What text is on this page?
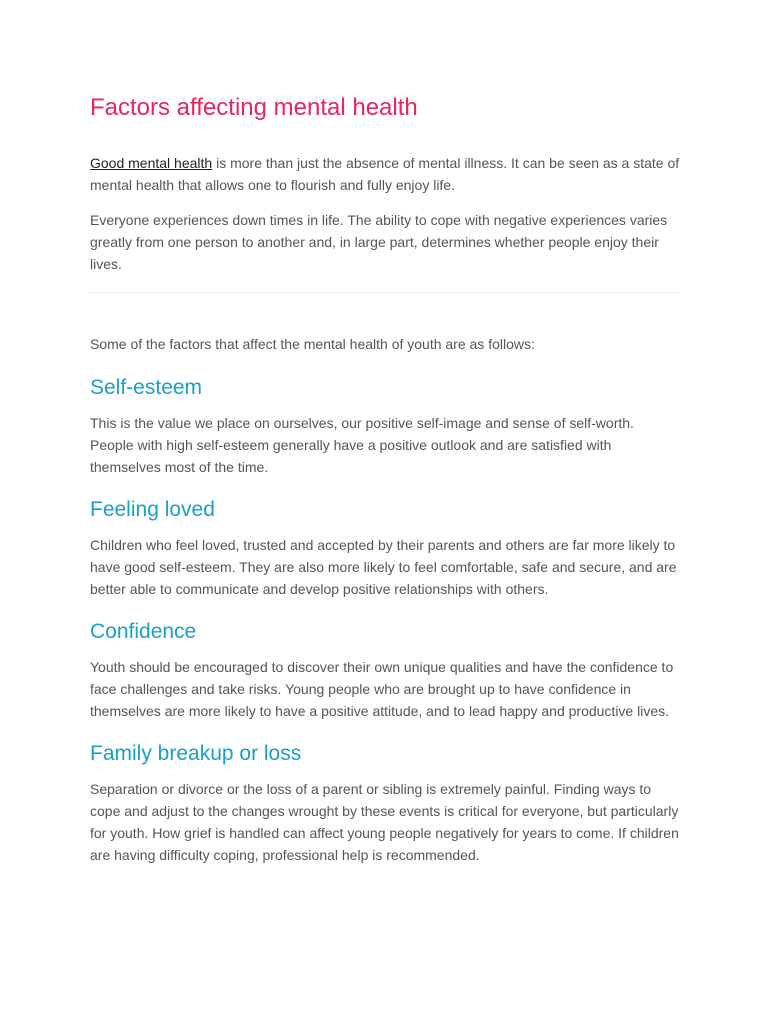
Factors affecting mental health

Good mental health is more than just the absence of mental illness. It can be seen as a state of mental health that allows one to flourish and fully enjoy life.

Everyone experiences down times in life. The ability to cope with negative experiences varies greatly from one person to another and, in large part, determines whether people enjoy their lives.

Some of the factors that affect the mental health of youth are as follows:

Self-esteem

This is the value we place on ourselves, our positive self-image and sense of self-worth. People with high self-esteem generally have a positive outlook and are satisfied with themselves most of the time.

Feeling loved

Children who feel loved, trusted and accepted by their parents and others are far more likely to have good self-esteem. They are also more likely to feel comfortable, safe and secure, and are better able to communicate and develop positive relationships with others.

Confidence

Youth should be encouraged to discover their own unique qualities and have the confidence to face challenges and take risks. Young people who are brought up to have confidence in themselves are more likely to have a positive attitude, and to lead happy and productive lives.

Family breakup or loss

Separation or divorce or the loss of a parent or sibling is extremely painful. Finding ways to cope and adjust to the changes wrought by these events is critical for everyone, but particularly for youth. How grief is handled can affect young people negatively for years to come. If children are having difficulty coping, professional help is recommended.
